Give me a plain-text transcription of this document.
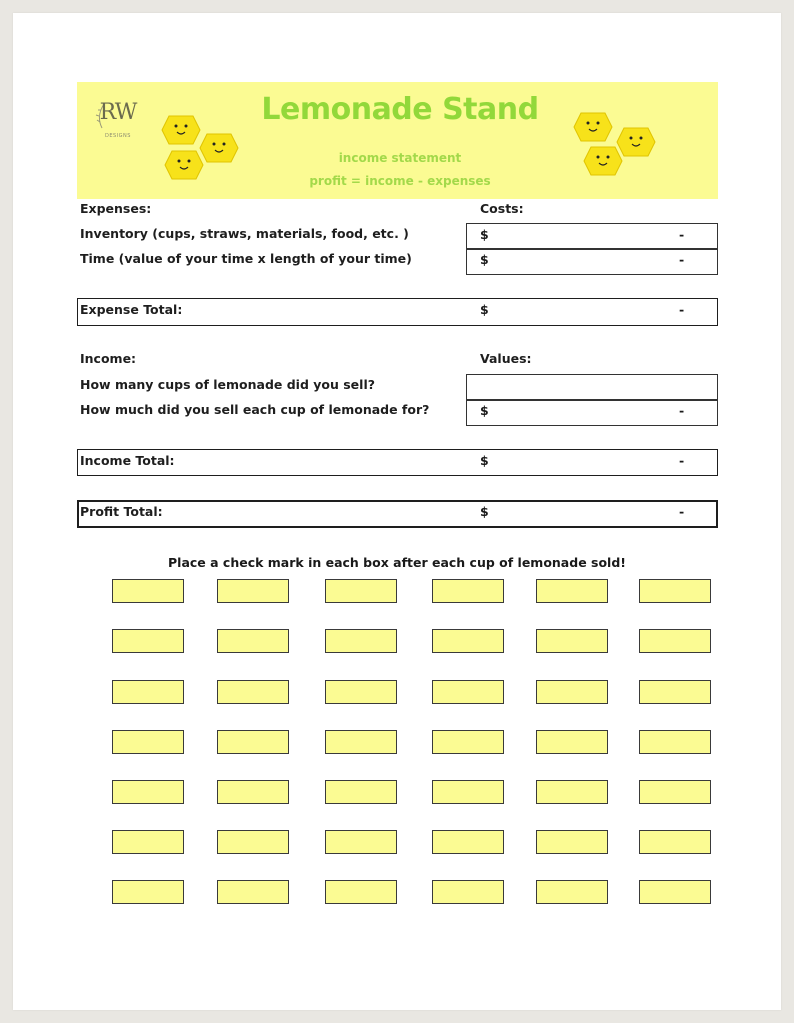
RW
DESIGNS
Lemonade Stand
income statement
profit = income - expenses
Expenses:	Costs:
Inventory (cups, straws, materials, food, etc. )	$	-
Time (value of your time x length of your time)	$	-
Expense Total:	$	-
Income:	Values:
How many cups of lemonade did you sell?
How much did you sell each cup of lemonade for?	$	-
Income Total:	$	-
Profit Total:	$	-
Place a check mark in each box after each cup of lemonade sold!
